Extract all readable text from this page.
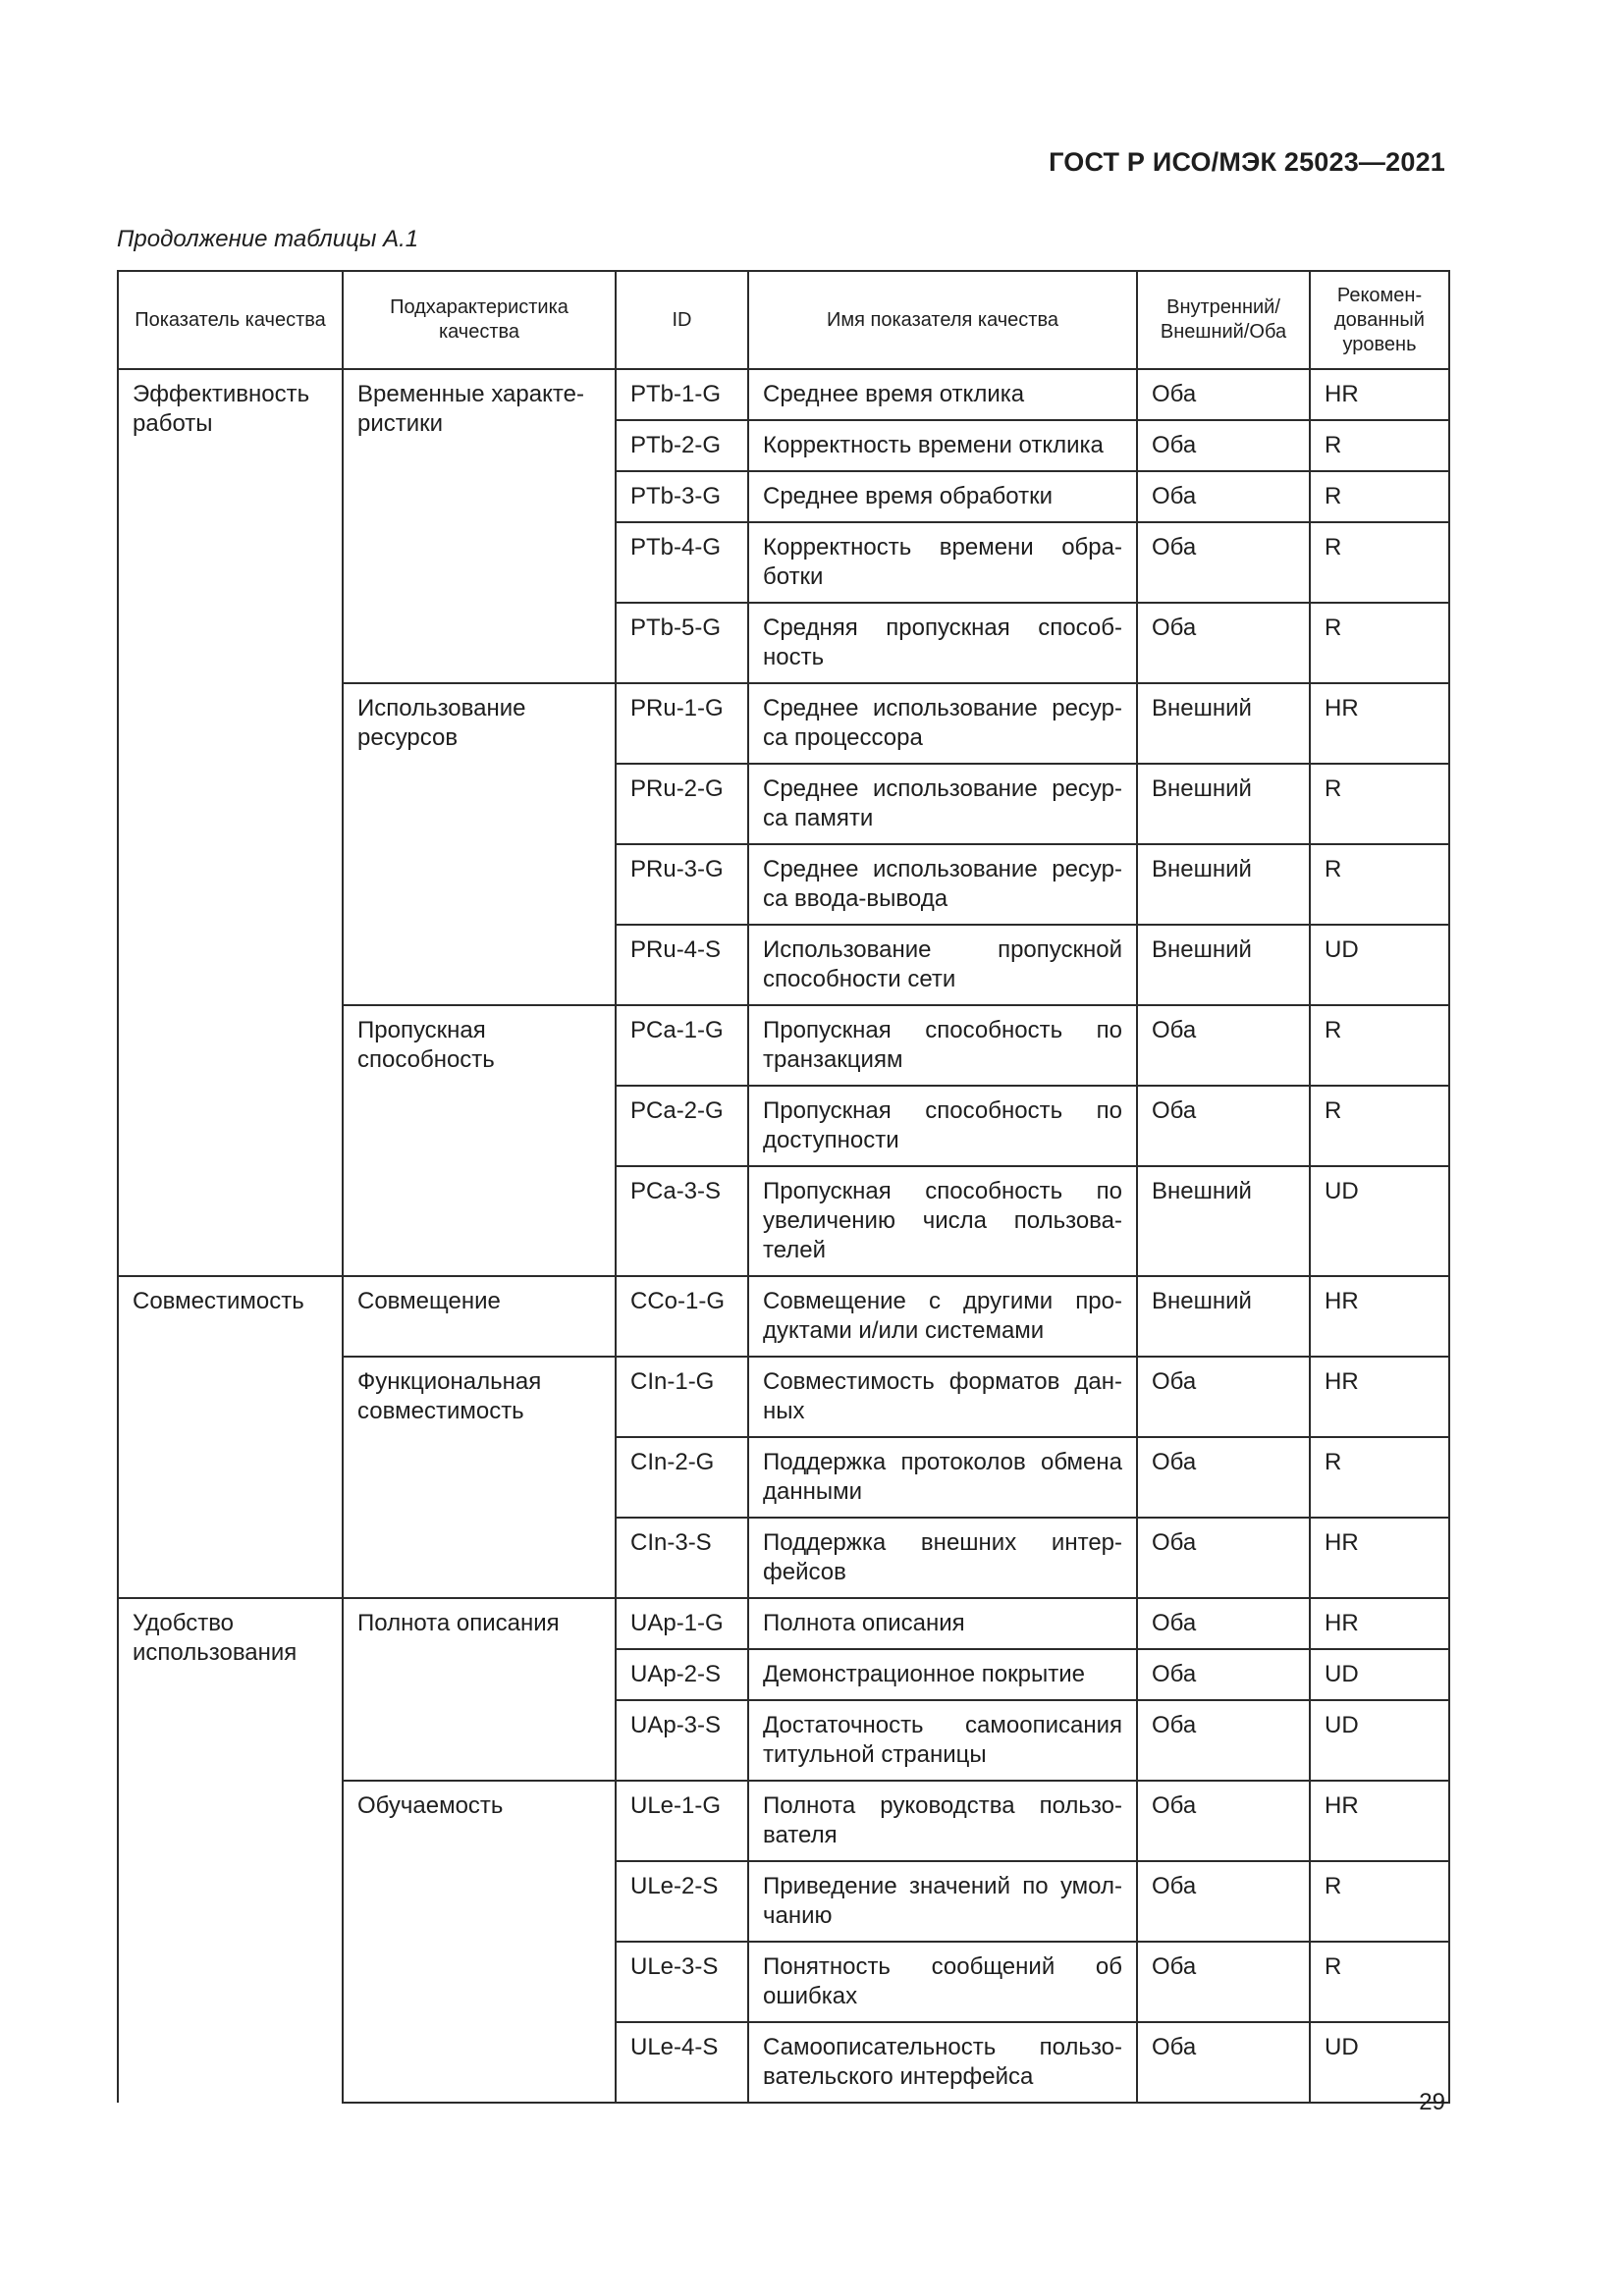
ГОСТ Р ИСО/МЭК 25023—2021
Продолжение таблицы А.1
Показатель качества	Подхарактеристика качества	ID	Имя показателя качества	Внутренний/ Внешний/Оба	Рекомен-дованный уровень
Эффективность работы	Временные характе-ристики	PTb-1-G	Среднее время отклика	Оба	HR
		PTb-2-G	Корректность времени отклика	Оба	R
		PTb-3-G	Среднее время обработки	Оба	R
		PTb-4-G	Корректность времени обра-ботки	Оба	R
		PTb-5-G	Средняя пропускная способ-ность	Оба	R
	Использование ресурсов	PRu-1-G	Среднее использование ресур-са процессора	Внешний	HR
		PRu-2-G	Среднее использование ресур-са памяти	Внешний	R
		PRu-3-G	Среднее использование ресур-са ввода-вывода	Внешний	R
		PRu-4-S	Использование пропускной способности сети	Внешний	UD
	Пропускная способность	PCa-1-G	Пропускная способность по транзакциям	Оба	R
		PCa-2-G	Пропускная способность по доступности	Оба	R
		PCa-3-S	Пропускная способность по увеличению числа пользова-телей	Внешний	UD
Совместимость	Совмещение	CCo-1-G	Совмещение с другими про-дуктами и/или системами	Внешний	HR
	Функциональная совместимость	CIn-1-G	Совместимость форматов дан-ных	Оба	HR
		CIn-2-G	Поддержка протоколов обмена данными	Оба	R
		CIn-3-S	Поддержка внешних интер-фейсов	Оба	HR
Удобство использования	Полнота описания	UAp-1-G	Полнота описания	Оба	HR
		UAp-2-S	Демонстрационное покрытие	Оба	UD
		UAp-3-S	Достаточность самоописания титульной страницы	Оба	UD
	Обучаемость	ULe-1-G	Полнота руководства пользо-вателя	Оба	HR
		ULe-2-S	Приведение значений по умол-чанию	Оба	R
		ULe-3-S	Понятность сообщений об ошибках	Оба	R
		ULe-4-S	Самоописательность пользо-вательского интерфейса	Оба	UD
29
